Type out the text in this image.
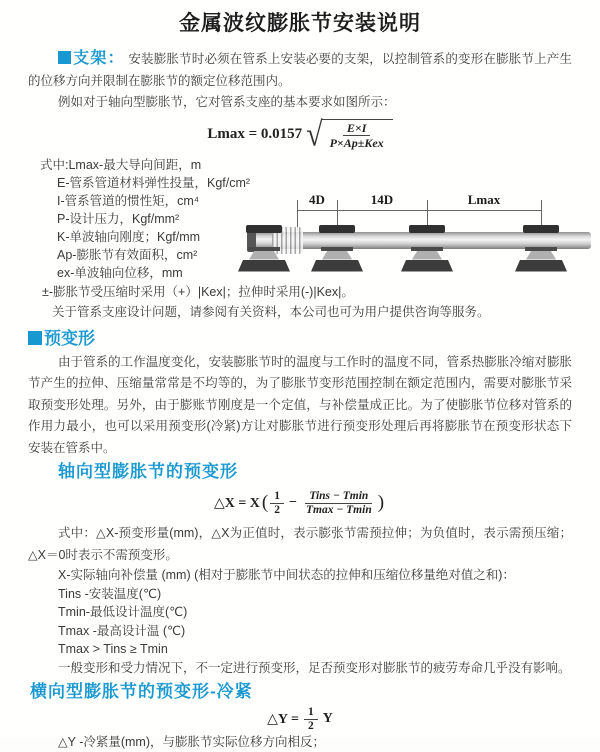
金属波纹膨胀节安装说明

支架： 安装膨胀节时必须在管系上安装必要的支架，以控制管系的变形在膨胀节上产生的位移方向并限制在膨胀节的额定位移范围内。

例如对于轴向型膨胀节，它对管系支座的基本要求如图所示：

Lmax = 0.0157 √ $\frac{E\times I}{\text{P×Ap±Kex}}$
式中:Lmax-最大导向间距，m
E-管系管道材料弹性投量，Kgf/cm²
I-管系管道的惯性矩，cm⁴
P-设计压力，Kgf/mm²
K-单波轴向刚度；Kgf/mm
Ap-膨胀节有效面积，cm²
ex-单波轴向位移，mm
±-膨胀节受压缩时采用（+）|Kex|；拉伸时采用(-)|Kex|。
关于管系支座设计问题，请参阅有关资料，本公司也可为用户提供咨询等服务。
4D	14D	Lmax
预变形

由于管系的工作温度变化，安装膨胀节时的温度与工作时的温度不同，管系热膨胀冷缩对膨胀节产生的拉伸、压缩量常常是不均等的，为了膨胀节变形范围控制在额定范围内，需要对膨胀节采取预变形处理。另外，由于膨账节刚度是一个定值，与补偿量成正比。为了使膨胀节位移对管系的作用力最小，也可以采用预变形(冷紧)方让对膨胀节进行预变形处理后再将膨胀节在预变形状态下安装在管系中。

轴向型膨胀节的预变形
△X = X ( $\frac{1}{2} - \frac{\text{Tins − Tmin}}{Tmax - Tmin}$ )

式中：△X-预变形量(mm)，△X为正值时，表示膨张节需预拉伸；为负值时，表示需预压缩；△X＝0时表示不需预变形。

X-实际轴向补偿量 (mm) (相对于膨胀节中间状态的拉伸和压缩位移量绝对值之和)：
Tins -安装温度(℃)
Tmin-最低设计温度(℃)
Tmax -最高设计温 (℃)
Tmax > Tins ≥ Tmin
一般变形和受力情况下，不一定进行预变形，足否预变形对膨胀节的疲劳寿命几乎没有影响。
横向型膨胀节的预变形-冷紧
△Y = $\frac{1}{2}$ Y
△Y -冷紧量(mm)，与膨胀节实际位移方向相反；
